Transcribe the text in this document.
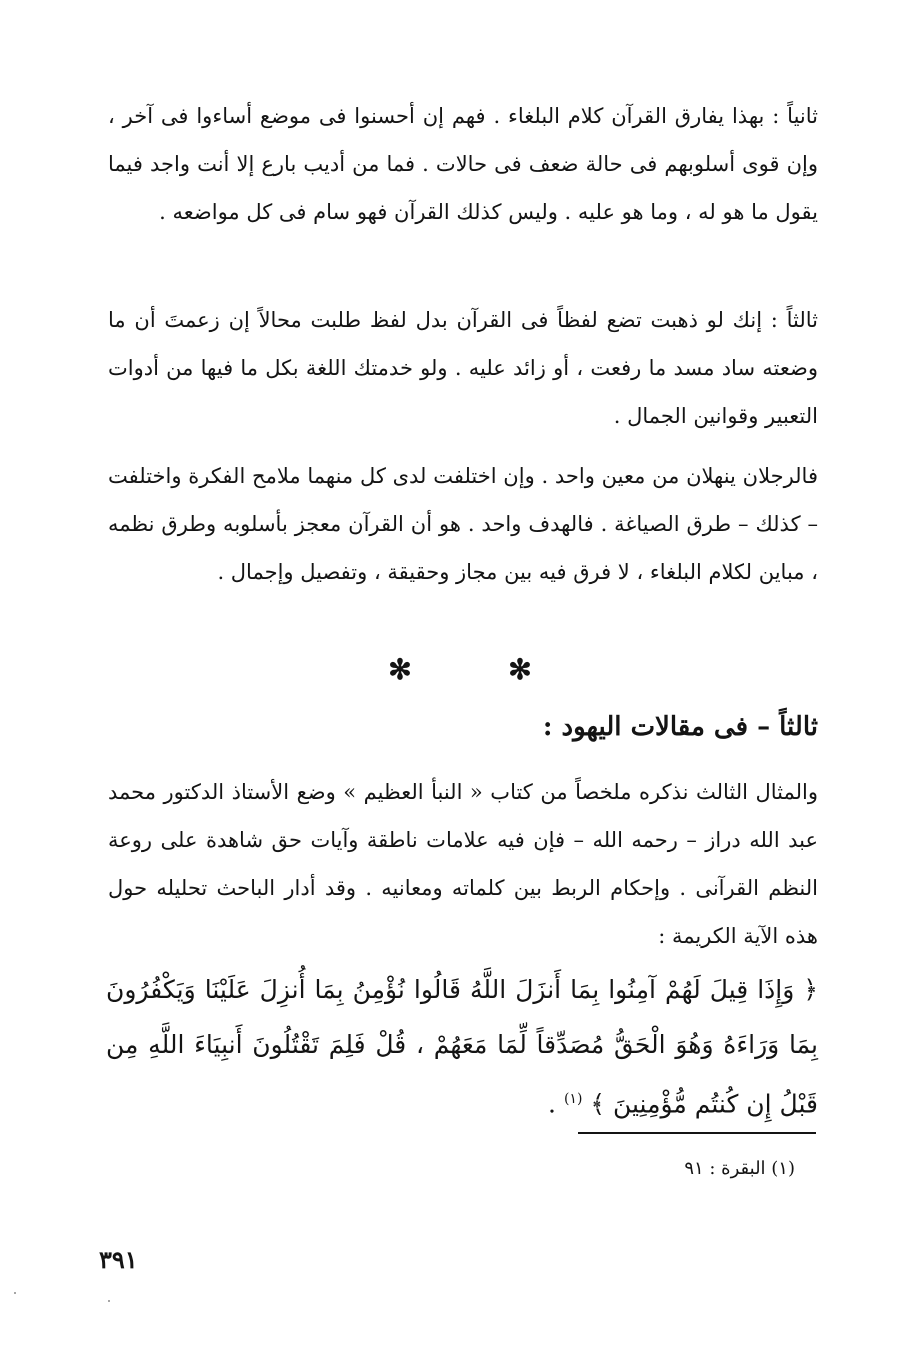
ثانياً : بهذا يفارق القرآن كلام البلغاء . فهم إن أحسنوا فى موضع أساءوا فى آخر ، وإن قوى أسلوبهم فى حالة ضعف فى حالات . فما من أديب بارع إلا أنت واجد فيما يقول ما هو له ، وما هو عليه . وليس كذلك القرآن فهو سام فى كل مواضعه .

ثالثاً : إنك لو ذهبت تضع لفظاً فى القرآن بدل لفظ طلبت محالاً إن زعمتَ أن ما وضعته ساد مسد ما رفعت ، أو زائد عليه . ولو خدمتك اللغة بكل ما فيها من أدوات التعبير وقوانين الجمال .

فالرجلان ينهلان من معين واحد . وإن اختلفت لدى كل منهما ملامح الفكرة واختلفت – كذلك – طرق الصياغة . فالهدف واحد . هو أن القرآن معجز بأسلوبه وطرق نظمه ، مباين لكلام البلغاء ، لا فرق فيه بين مجاز وحقيقة ، وتفصيل وإجمال .

✻	✻
ثالثاً – فى مقالات اليهود :

والمثال الثالث نذكره ملخصاً من كتاب « النبأ العظيم » وضع الأستاذ الدكتور محمد عبد الله دراز – رحمه الله – فإن فيه علامات ناطقة وآيات حق شاهدة على روعة النظم القرآنى . وإحكام الربط بين كلماته ومعانيه . وقد أدار الباحث تحليله حول هذه الآية الكريمة :

﴿ وَإِذَا قِيلَ لَهُمْ آمِنُوا بِمَا أَنزَلَ اللَّهُ قَالُوا نُؤْمِنُ بِمَا أُنزِلَ عَلَيْنَا وَيَكْفُرُونَ بِمَا وَرَاءَهُ وَهُوَ الْحَقُّ مُصَدِّقاً لِّمَا مَعَهُمْ ، قُلْ فَلِمَ تَقْتُلُونَ أَنبِيَاءَ اللَّهِ مِن قَبْلُ إِن كُنتُم مُّؤْمِنِينَ ﴾ $^{(١)}$ .

(١) البقرة : ٩١

٣٩١
